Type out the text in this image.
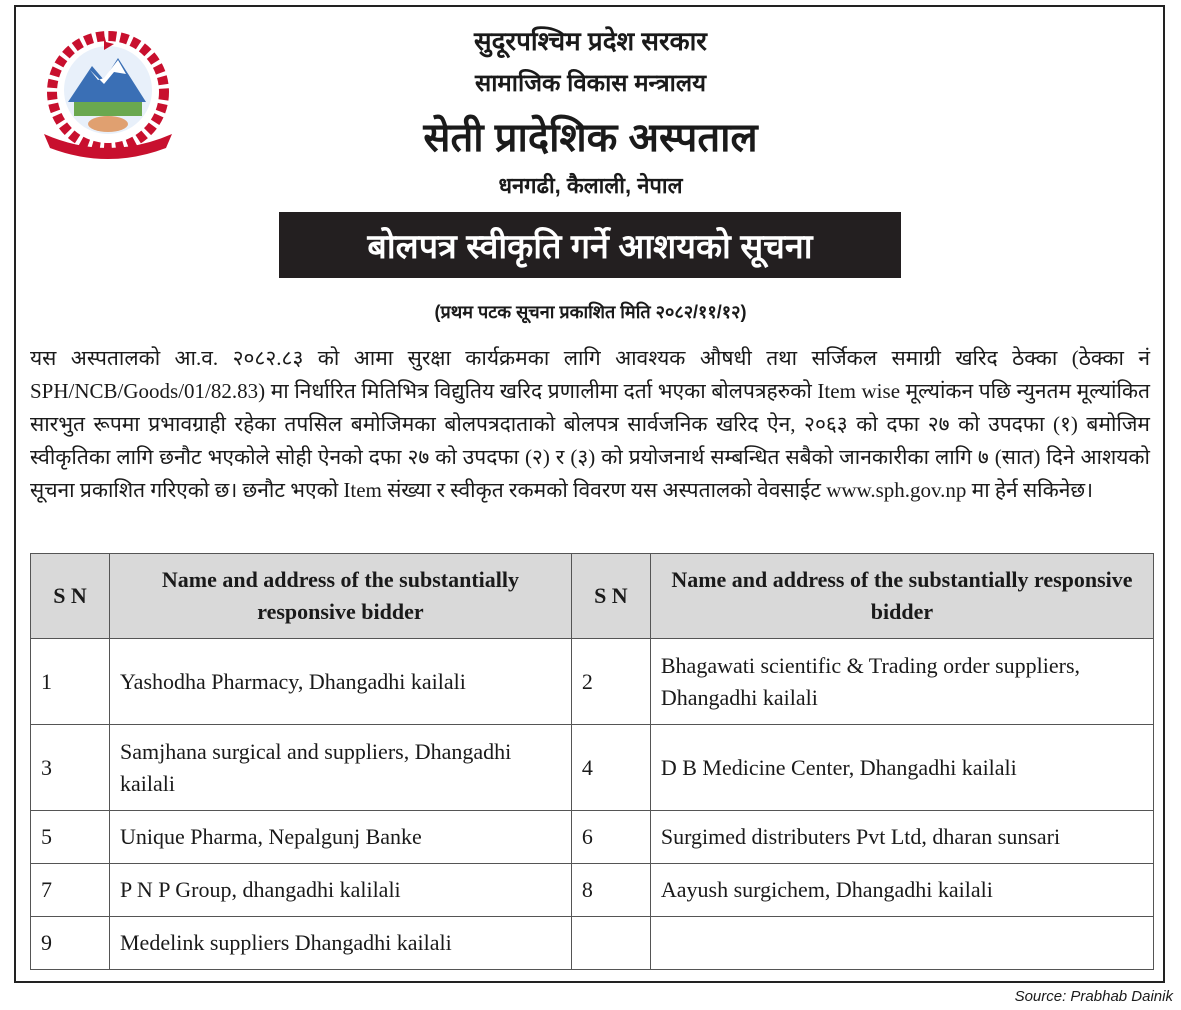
सुदूरपश्चिम प्रदेश सरकार
सामाजिक विकास मन्त्रालय
सेती प्रादेशिक अस्पताल
धनगढी, कैलाली, नेपाल
बोलपत्र स्वीकृति गर्ने आशयको सूचना
(प्रथम पटक सूचना प्रकाशित मिति २०८२/११/१२)
यस अस्पतालको आ.व. २०८२.८३ को आमा सुरक्षा कार्यक्रमका लागि आवश्यक औषधी तथा सर्जिकल समाग्री खरिद ठेक्का (ठेक्का नं SPH/NCB/Goods/01/82.83) मा निर्धारित मितिभित्र विद्युतिय खरिद प्रणालीमा दर्ता भएका बोलपत्रहरुको Item wise मूल्यांकन पछि न्युनतम मूल्यांकित सारभुत रूपमा प्रभावग्राही रहेका तपसिल बमोजिमका बोलपत्रदाताको बोलपत्र सार्वजनिक खरिद ऐन, २०६३ को दफा २७ को उपदफा (१) बमोजिम स्वीकृतिका लागि छनौट भएकोले सोही ऐनको दफा २७ को उपदफा (२) र (३) को प्रयोजनार्थ सम्बन्धित सबैको जानकारीका लागि ७ (सात) दिने आशयको सूचना प्रकाशित गरिएको छ। छनौट भएको Item संख्या र स्वीकृत रकमको विवरण यस अस्पतालको वेवसाईट www.sph.gov.np मा हेर्न सकिनेछ।
S N	Name and address of the substantially responsive bidder	S N	Name and address of the substantially responsive bidder
1	Yashodha Pharmacy, Dhangadhi kailali	2	Bhagawati scientific & Trading order suppliers, Dhangadhi kailali
3	Samjhana surgical and suppliers, Dhangadhi kailali	4	D B Medicine Center, Dhangadhi kailali
5	Unique Pharma, Nepalgunj Banke	6	Surgimed distributers Pvt Ltd, dharan sunsari
7	P N P Group, dhangadhi kalilali	8	Aayush surgichem, Dhangadhi kailali
9	Medelink suppliers Dhangadhi kailali		
Source: Prabhab Dainik
